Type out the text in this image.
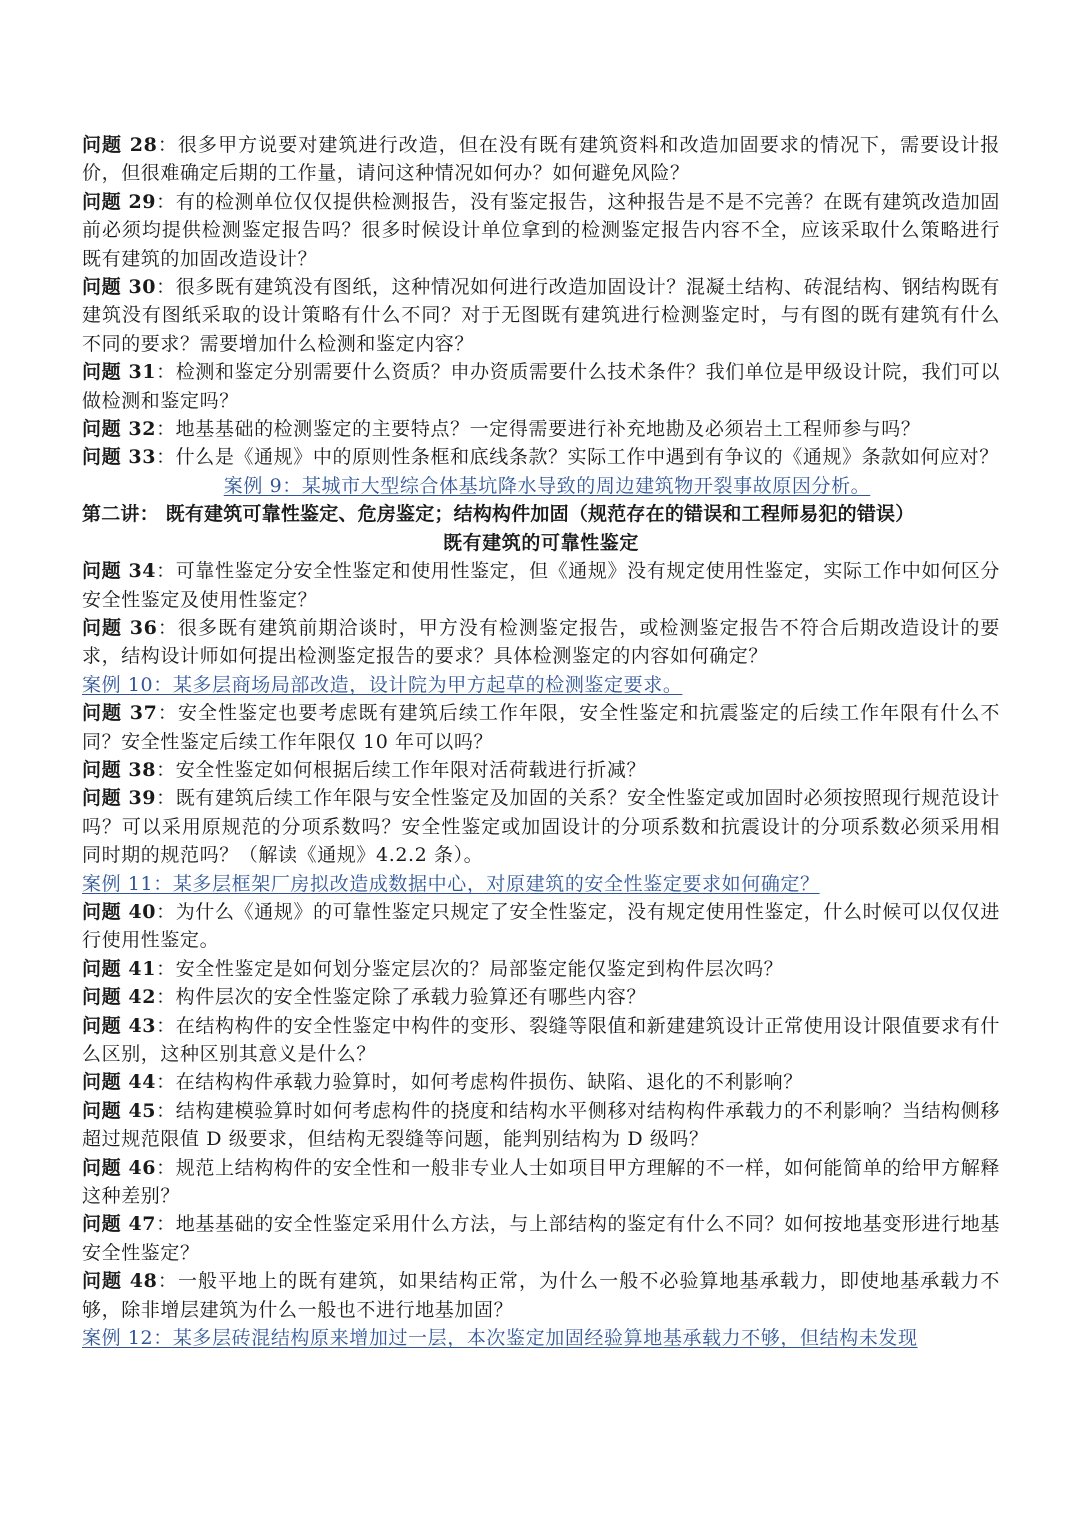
问题 28：很多甲方说要对建筑进行改造，但在没有既有建筑资料和改造加固要求的情况下，需要设计报价，但很难确定后期的工作量，请问这种情况如何办？如何避免风险？

问题 29：有的检测单位仅仅提供检测报告，没有鉴定报告，这种报告是不是不完善？在既有建筑改造加固前必须均提供检测鉴定报告吗？很多时候设计单位拿到的检测鉴定报告内容不全，应该采取什么策略进行既有建筑的加固改造设计？

问题 30：很多既有建筑没有图纸，这种情况如何进行改造加固设计？混凝土结构、砖混结构、钢结构既有建筑没有图纸采取的设计策略有什么不同？对于无图既有建筑进行检测鉴定时，与有图的既有建筑有什么不同的要求？需要增加什么检测和鉴定内容？

问题 31：检测和鉴定分别需要什么资质？申办资质需要什么技术条件？我们单位是甲级设计院，我们可以做检测和鉴定吗？

问题 32：地基基础的检测鉴定的主要特点？一定得需要进行补充地勘及必须岩土工程师参与吗？

问题 33：什么是《通规》中的原则性条框和底线条款？实际工作中遇到有争议的《通规》条款如何应对？

案例 9：某城市大型综合体基坑降水导致的周边建筑物开裂事故原因分析。

第二讲： 既有建筑可靠性鉴定、危房鉴定；结构构件加固（规范存在的错误和工程师易犯的错误）

既有建筑的可靠性鉴定

问题 34：可靠性鉴定分安全性鉴定和使用性鉴定，但《通规》没有规定使用性鉴定，实际工作中如何区分安全性鉴定及使用性鉴定？

问题 36：很多既有建筑前期洽谈时，甲方没有检测鉴定报告，或检测鉴定报告不符合后期改造设计的要求，结构设计师如何提出检测鉴定报告的要求？具体检测鉴定的内容如何确定？

案例 10：某多层商场局部改造，设计院为甲方起草的检测鉴定要求。

问题 37：安全性鉴定也要考虑既有建筑后续工作年限，安全性鉴定和抗震鉴定的后续工作年限有什么不同？安全性鉴定后续工作年限仅 10 年可以吗？

问题 38：安全性鉴定如何根据后续工作年限对活荷载进行折减？

问题 39：既有建筑后续工作年限与安全性鉴定及加固的关系？安全性鉴定或加固时必须按照现行规范设计吗？可以采用原规范的分项系数吗？安全性鉴定或加固设计的分项系数和抗震设计的分项系数必须采用相同时期的规范吗？（解读《通规》4.2.2 条）。

案例 11：某多层框架厂房拟改造成数据中心，对原建筑的安全性鉴定要求如何确定？

问题 40：为什么《通规》的可靠性鉴定只规定了安全性鉴定，没有规定使用性鉴定，什么时候可以仅仅进行使用性鉴定。

问题 41：安全性鉴定是如何划分鉴定层次的？局部鉴定能仅鉴定到构件层次吗？

问题 42：构件层次的安全性鉴定除了承载力验算还有哪些内容？

问题 43：在结构构件的安全性鉴定中构件的变形、裂缝等限值和新建建筑设计正常使用设计限值要求有什么区别，这种区别其意义是什么？

问题 44：在结构构件承载力验算时，如何考虑构件损伤、缺陷、退化的不利影响？

问题 45：结构建模验算时如何考虑构件的挠度和结构水平侧移对结构构件承载力的不利影响？当结构侧移超过规范限值 D 级要求，但结构无裂缝等问题，能判别结构为 D 级吗？

问题 46：规范上结构构件的安全性和一般非专业人士如项目甲方理解的不一样，如何能简单的给甲方解释这种差别？

问题 47：地基基础的安全性鉴定采用什么方法，与上部结构的鉴定有什么不同？如何按地基变形进行地基安全性鉴定？

问题 48：一般平地上的既有建筑，如果结构正常，为什么一般不必验算地基承载力，即使地基承载力不够，除非增层建筑为什么一般也不进行地基加固？

案例 12：某多层砖混结构原来增加过一层，本次鉴定加固经验算地基承载力不够，但结构未发现
